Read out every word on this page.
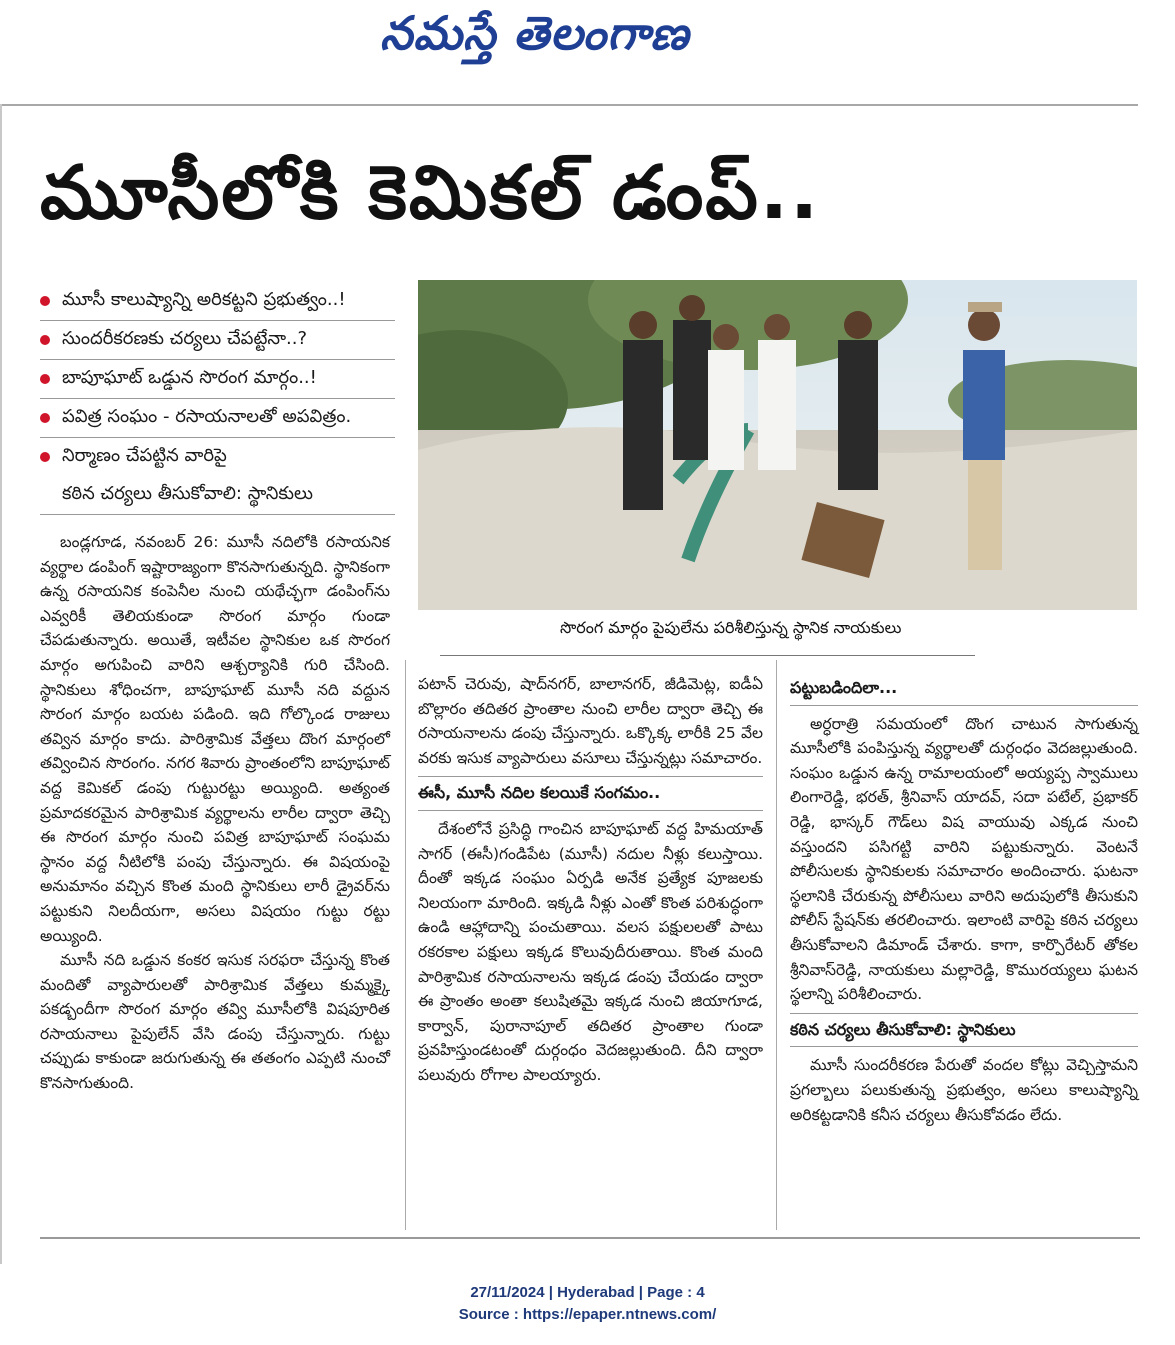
నమస్తే తెలంగాణ
మూసీలోకి కెమికల్ డంప్..
మూసీ కాలుష్యాన్ని అరికట్టని ప్రభుత్వం..!
సుందరీకరణకు చర్యలు చేపట్టేనా..?
బాపూఘాట్ ఒడ్డున సొరంగ మార్గం..!
పవిత్ర సంఘం - రసాయనాలతో అపవిత్రం.
నిర్మాణం చేపట్టిన వారిపై
కఠిన చర్యలు తీసుకోవాలి: స్థానికులు
సొరంగ మార్గం పైపులేను పరిశీలిస్తున్న స్థానిక నాయకులు

బండ్లగూడ, నవంబర్ 26: మూసీ నదిలోకి రసాయనిక వ్యర్థాల డంపింగ్ ఇష్టారాజ్యంగా కొనసాగుతున్నది. స్థానికంగా ఉన్న రసాయనిక కంపెనీల నుంచి యథేచ్ఛగా డంపింగ్‌ను ఎవ్వరికీ తెలియకుండా సొరంగ మార్గం గుండా చేపడుతున్నారు. అయితే, ఇటీవల స్థానికుల ఒక సొరంగ మార్గం అగుపించి వారిని ఆశ్చర్యానికి గురి చేసింది. స్థానికులు శోధించగా, బాపూఘాట్ మూసీ నది వద్దున సొరంగ మార్గం బయట పడింది. ఇది గోల్కొండ రాజులు తవ్విన మార్గం కాదు. పారిశ్రామిక వేత్తలు దొంగ మార్గంలో తవ్వించిన సొరంగం. నగర శివారు ప్రాంతంలోని బాపూఘాట్ వద్ద కెమికల్ డంపు గుట్టురట్టు అయ్యింది. అత్యంత ప్రమాదకరమైన పారిశ్రామిక వ్యర్థాలను లారీల ద్వారా తెచ్చి ఈ సొరంగ మార్గం నుంచి పవిత్ర బాపూఘాట్ సంఘమ స్థానం వద్ద నీటిలోకి పంపు చేస్తున్నారు. ఈ విషయంపై అనుమానం వచ్చిన కొంత మంది స్థానికులు లారీ డ్రైవర్‌ను పట్టుకుని నిలదీయగా, అసలు విషయం గుట్టు రట్టు అయ్యింది.

మూసీ నది ఒడ్డున కంకర ఇసుక సరఫరా చేస్తున్న కొంత మందితో వ్యాపారులతో పారిశ్రామిక వేత్తలు కుమ్మక్కై పకడ్బందీగా సొరంగ మార్గం తవ్వి మూసీలోకి విషపూరిత రసాయనాలు పైపులేన్ వేసి డంపు చేస్తున్నారు. గుట్టు చప్పుడు కాకుండా జరుగుతున్న ఈ తతంగం ఎప్పటి నుంచో కొనసాగుతుంది.

పటాన్ చెరువు, షాద్‌నగర్, బాలానగర్, జీడిమెట్ల, ఐడీఏ బొల్లారం తదితర ప్రాంతాల నుంచి లారీల ద్వారా తెచ్చి ఈ రసాయనాలను డంపు చేస్తున్నారు. ఒక్కొక్క లారీకి 25 వేల వరకు ఇసుక వ్యాపారులు వసూలు చేస్తున్నట్లు సమాచారం.

ఈసీ, మూసీ నదిల కలయికే సంగమం..

దేశంలోనే ప్రసిద్ధి గాంచిన బాపూఘాట్ వద్ద హిమయాత్ సాగర్ (ఈసీ)గండిపేట (మూసీ) నదుల నీళ్లు కలుస్తాయి. దీంతో ఇక్కడ సంఘం ఏర్పడి అనేక ప్రత్యేక పూజలకు నిలయంగా మారింది. ఇక్కడి నీళ్లు ఎంతో కొంత పరిశుద్ధంగా ఉండి ఆహ్లాదాన్ని పంచుతాయి. వలస పక్షులలతో పాటు రకరకాల పక్షులు ఇక్కడ కొలువుదీరుతాయి. కొంత మంది పారిశ్రామిక రసాయనాలను ఇక్కడ డంపు చేయడం ద్వారా ఈ ప్రాంతం అంతా కలుషితమై ఇక్కడ నుంచి జియాగూడ, కార్వాన్, పురానాపూల్ తదితర ప్రాంతాల గుండా ప్రవహిస్తుండటంతో దుర్గంధం వెదజల్లుతుంది. దీని ద్వారా పలువురు రోగాల పాలయ్యారు.

పట్టుబడిందిలా...

అర్ధరాత్రి సమయంలో దొంగ చాటున సాగుతున్న మూసీలోకి పంపిస్తున్న వ్యర్థాలతో దుర్గంధం వెదజల్లుతుంది. సంఘం ఒడ్డున ఉన్న రామాలయంలో అయ్యప్ప స్వాములు లింగారెడ్డి, భరత్, శ్రీనివాస్ యాదవ్, సదా పటేల్, ప్రభాకర్ రెడ్డి, భాస్కర్ గౌడ్‌లు విష వాయువు ఎక్కడ నుంచి వస్తుందని పసిగట్టి వారిని పట్టుకున్నారు. వెంటనే పోలీసులకు స్థానికులకు సమాచారం అందించారు. ఘటనా స్థలానికి చేరుకున్న పోలీసులు వారిని అదుపులోకి తీసుకుని పోలీస్ స్టేషన్‌కు తరలించారు. ఇలాంటి వారిపై కఠిన చర్యలు తీసుకోవాలని డిమాండ్ చేశారు. కాగా, కార్పొరేటర్ తోకల శ్రీనివాస్‌రెడ్డి, నాయకులు మల్లారెడ్డి, కొమురయ్యలు ఘటన స్థలాన్ని పరిశీలించారు.

కఠిన చర్యలు తీసుకోవాలి: స్థానికులు

మూసీ సుందరీకరణ పేరుతో వందల కోట్లు వెచ్చిస్తామని ప్రగల్బాలు పలుకుతున్న ప్రభుత్వం, అసలు కాలుష్యాన్ని అరికట్టడానికి కనీస చర్యలు తీసుకోవడం లేదు.

27/11/2024 | Hyderabad | Page : 4
Source : https://epaper.ntnews.com/
